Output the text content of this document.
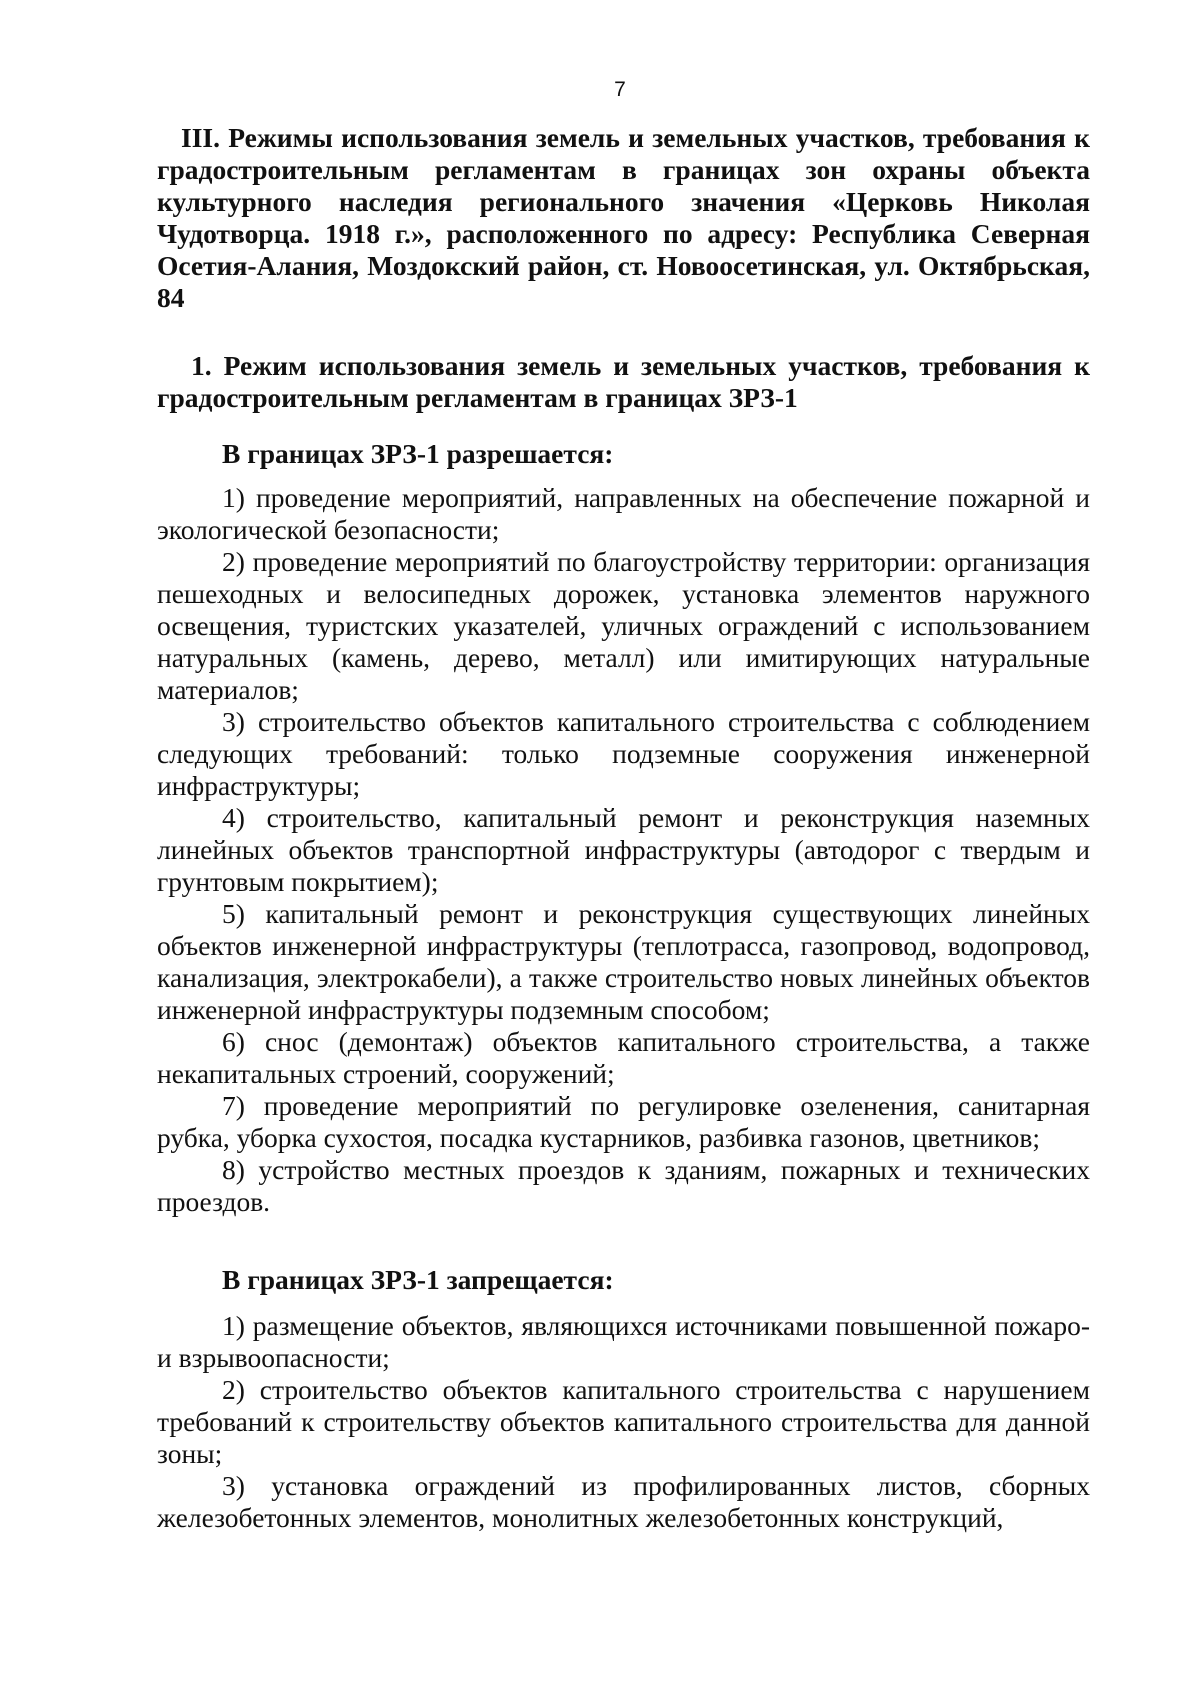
7

III. Режимы использования земель и земельных участков, требования к градостроительным регламентам в границах зон охраны объекта культурного наследия регионального значения «Церковь Николая Чудотворца. 1918 г.», расположенного по адресу: Республика Северная Осетия-Алания, Моздокский район, ст. Новоосетинская, ул. Октябрьская, 84

1. Режим использования земель и земельных участков, требования к градостроительным регламентам в границах ЗРЗ-1

В границах ЗРЗ-1 разрешается:

1) проведение мероприятий, направленных на обеспечение пожарной и экологической безопасности;

2) проведение мероприятий по благоустройству территории: организация пешеходных и велосипедных дорожек, установка элементов наружного освещения, туристских указателей, уличных ограждений с использованием натуральных (камень, дерево, металл) или имитирующих натуральные материалов;

3) строительство объектов капитального строительства с соблюдением следующих требований: только подземные сооружения инженерной инфраструктуры;

4) строительство, капитальный ремонт и реконструкция наземных линейных объектов транспортной инфраструктуры (автодорог с твердым и грунтовым покрытием);

5) капитальный ремонт и реконструкция существующих линейных объектов инженерной инфраструктуры (теплотрасса, газопровод, водопровод, канализация, электрокабели), а также строительство новых линейных объектов инженерной инфраструктуры подземным способом;

6) снос (демонтаж) объектов капитального строительства, а также некапитальных строений, сооружений;

7) проведение мероприятий по регулировке озеленения, санитарная рубка, уборка сухостоя, посадка кустарников, разбивка газонов, цветников;

8) устройство местных проездов к зданиям, пожарных и технических проездов.

В границах ЗРЗ-1 запрещается:

1) размещение объектов, являющихся источниками повышенной пожаро- и взрывоопасности;

2) строительство объектов капитального строительства с нарушением требований к строительству объектов капитального строительства для данной зоны;

3) установка ограждений из профилированных листов, сборных железобетонных элементов, монолитных железобетонных конструкций,
